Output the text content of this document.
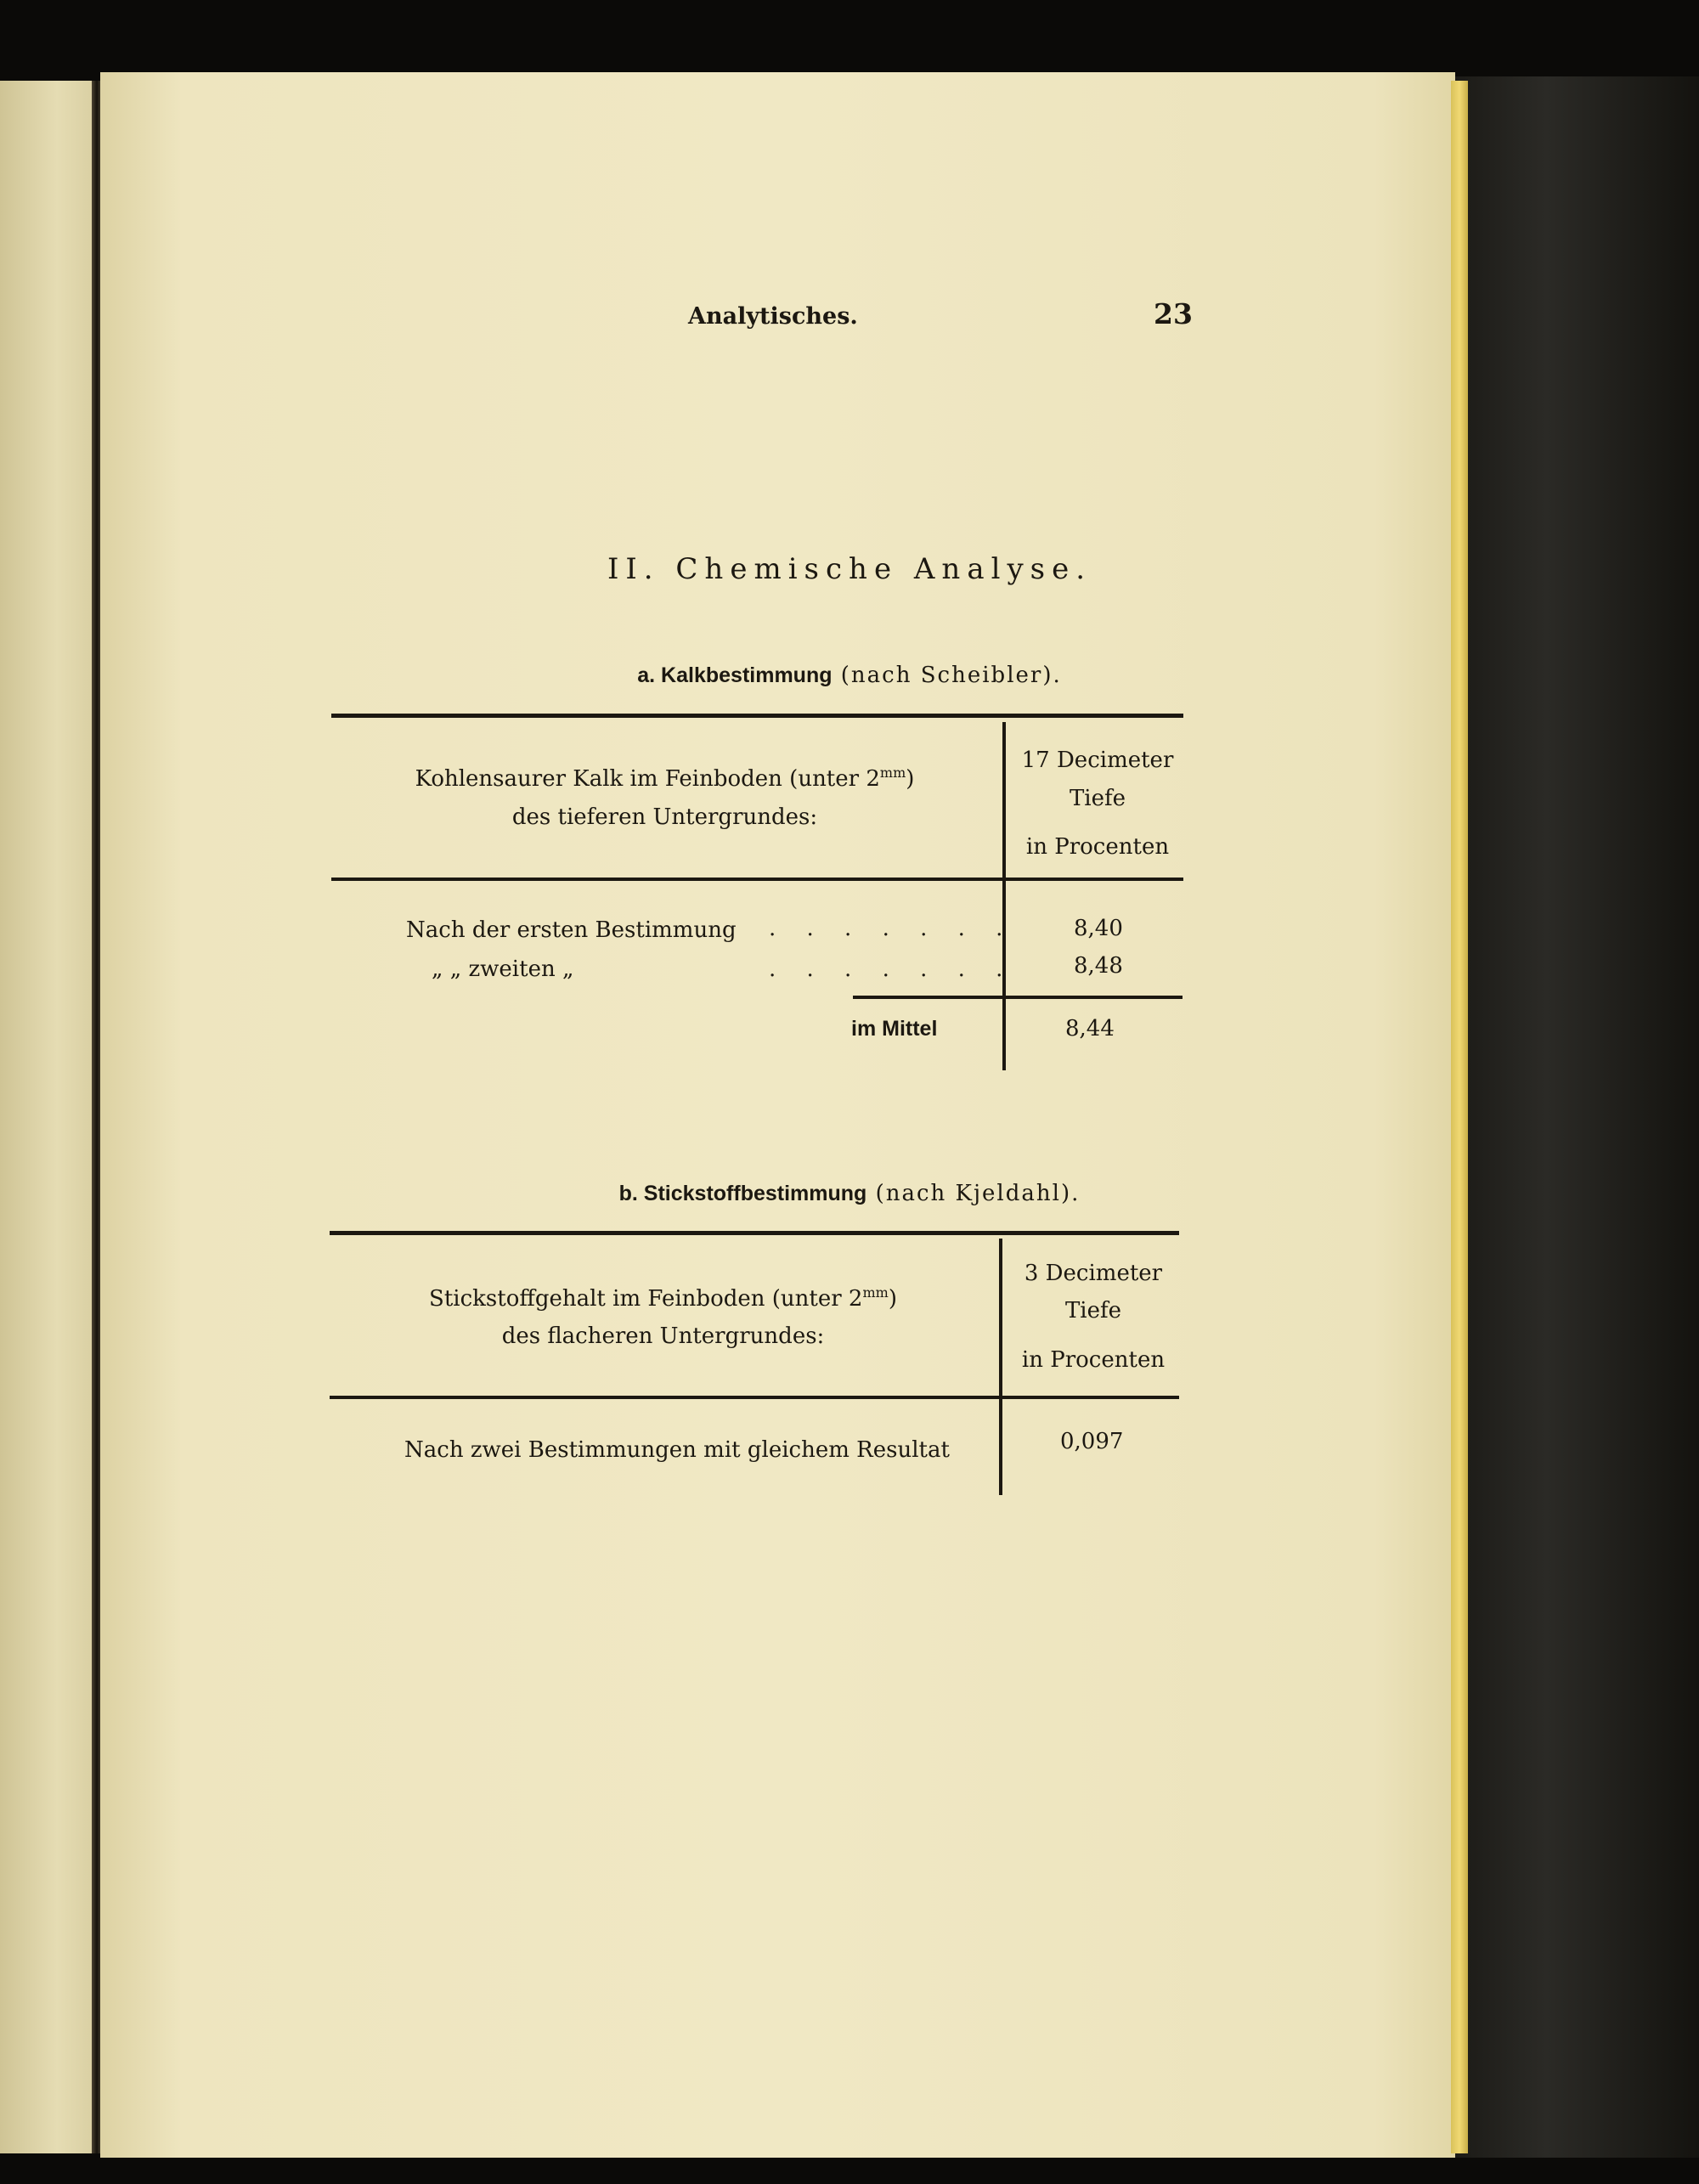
Analytisches.	23
II. Chemische Analyse.
a. Kalkbestimmung (nach Scheibler).
Kohlensaurer Kalk im Feinboden (unter $2^{mm}$)
des tieferen Untergrundes:
17 Decimeter
Tiefe
in Procenten
Nach der ersten Bestimmung . . . . . . .	8,40
„ „ zweiten „	. . . . . . .	8,48
im Mittel	8,44
b. Stickstoffbestimmung (nach Kjeldahl).
Stickstoffgehalt im Feinboden (unter $2^{mm}$)
des flacheren Untergrundes:
3 Decimeter
Tiefe
in Procenten
Nach zwei Bestimmungen mit gleichem Resultat	0,097
